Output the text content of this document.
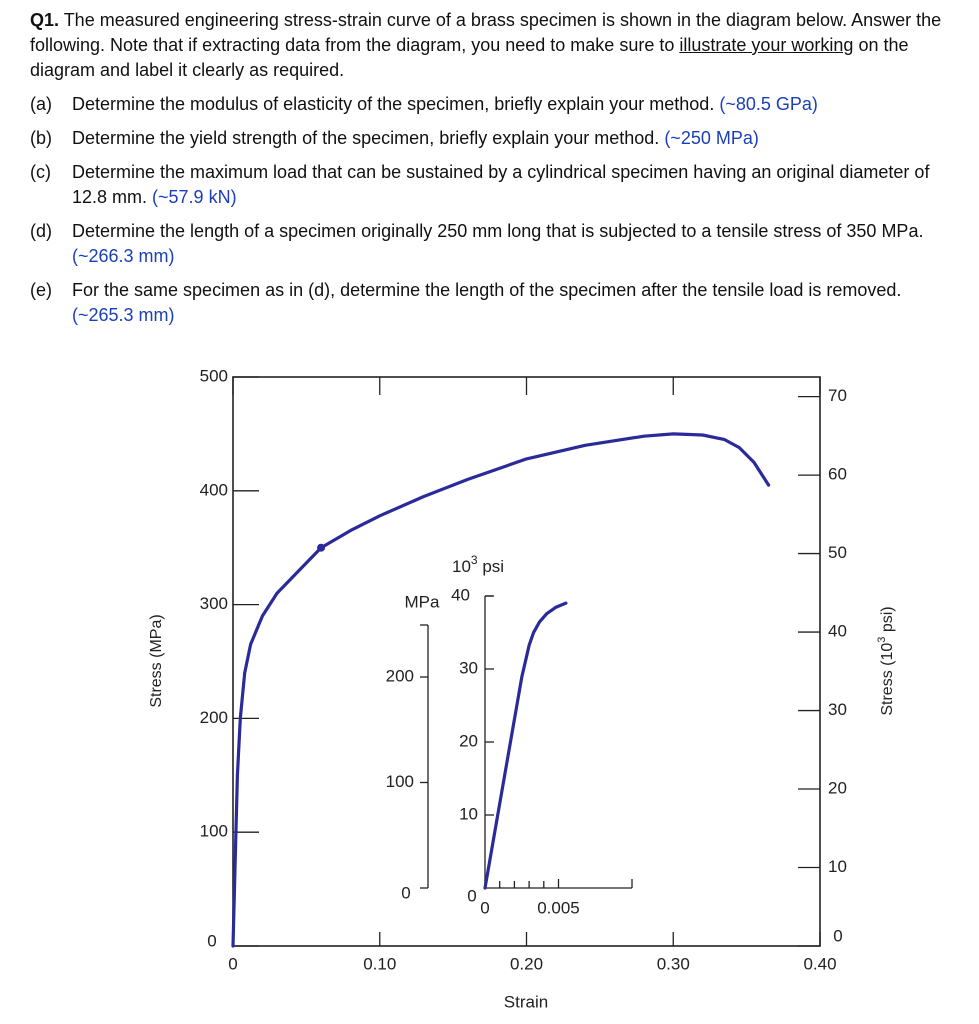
Q1. The measured engineering stress-strain curve of a brass specimen is shown in the diagram below. Answer the following. Note that if extracting data from the diagram, you need to make sure to illustrate your working on the diagram and label it clearly as required.

(a)	Determine the modulus of elasticity of the specimen, briefly explain your method. (~80.5 GPa)
(b)	Determine the yield strength of the specimen, briefly explain your method. (~250 MPa)
(c)	Determine the maximum load that can be sustained by a cylindrical specimen having an original diameter of 12.8 mm. (~57.9 kN)
(d)	Determine the length of a specimen originally 250 mm long that is subjected to a tensile stress of 350 MPa. (~266.3 mm)
(e)	For the same specimen as in (d), determine the length of the specimen after the tensile load is removed. (~265.3 mm)
0	0.10	0.20	0.30	0.40
0
100
200
300
400
500
0
10
20
30
40
50
60
70
Strain
Stress (MPa)	Stress ($10^3$ psi)
0	0.005
0
10
20
30
40
$10^3$ psi
0
100
200
MPa
